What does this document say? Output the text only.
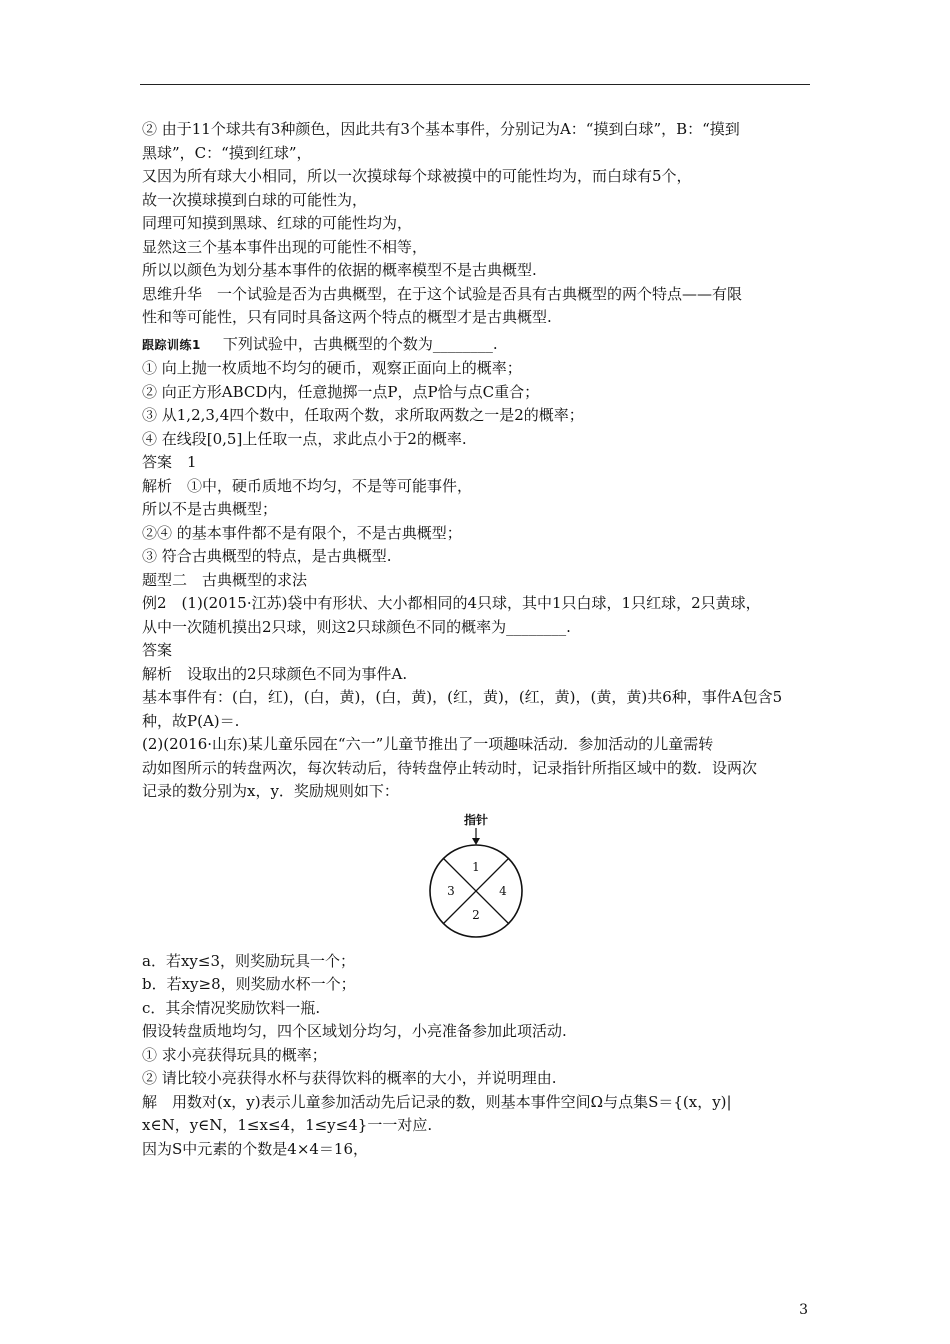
② 由于11个球共有3种颜色，因此共有3个基本事件，分别记为A：“摸到白球”，B：“摸到
黑球”，C：“摸到红球”，
又因为所有球大小相同，所以一次摸球每个球被摸中的可能性均为，而白球有5个，
故一次摸球摸到白球的可能性为，
同理可知摸到黑球、红球的可能性均为，
显然这三个基本事件出现的可能性不相等，
所以以颜色为划分基本事件的依据的概率模型不是古典概型.
思维升华　一个试验是否为古典概型，在于这个试验是否具有古典概型的两个特点——有限
性和等可能性，只有同时具备这两个特点的概型才是古典概型.
跟踪训练1 下列试验中，古典概型的个数为________.
① 向上抛一枚质地不均匀的硬币，观察正面向上的概率；
② 向正方形ABCD内，任意抛掷一点P，点P恰与点C重合；
③ 从1,2,3,4四个数中，任取两个数，求所取两数之一是2的概率；
④ 在线段[0,5]上任取一点，求此点小于2的概率.
答案　1
解析　①中，硬币质地不均匀，不是等可能事件，
所以不是古典概型；
②④ 的基本事件都不是有限个，不是古典概型；
③ 符合古典概型的特点，是古典概型.
题型二　古典概型的求法
例2　(1)(2015·江苏)袋中有形状、大小都相同的4只球，其中1只白球，1只红球，2只黄球，
从中一次随机摸出2只球，则这2只球颜色不同的概率为________.
答案
解析　设取出的2只球颜色不同为事件A.
基本事件有：(白，红)，(白，黄)，(白，黄)，(红，黄)，(红，黄)，(黄，黄)共6种，事件A包含5
种，故P(A)＝.
(2)(2016·山东)某儿童乐园在“六一”儿童节推出了一项趣味活动．参加活动的儿童需转
动如图所示的转盘两次，每次转动后，待转盘停止转动时，记录指针所指区域中的数．设两次
记录的数分别为x，y．奖励规则如下：
指针
1
2
3	4
a．若xy≤3，则奖励玩具一个；
b．若xy≥8，则奖励水杯一个；
c．其余情况奖励饮料一瓶.
假设转盘质地均匀，四个区域划分均匀，小亮准备参加此项活动.
① 求小亮获得玩具的概率；
② 请比较小亮获得水杯与获得饮料的概率的大小，并说明理由.
解　用数对(x，y)表示儿童参加活动先后记录的数，则基本事件空间Ω与点集S＝{(x，y)|
x∈N，y∈N，1≤x≤4，1≤y≤4}一一对应.
因为S中元素的个数是4×4＝16，
3
